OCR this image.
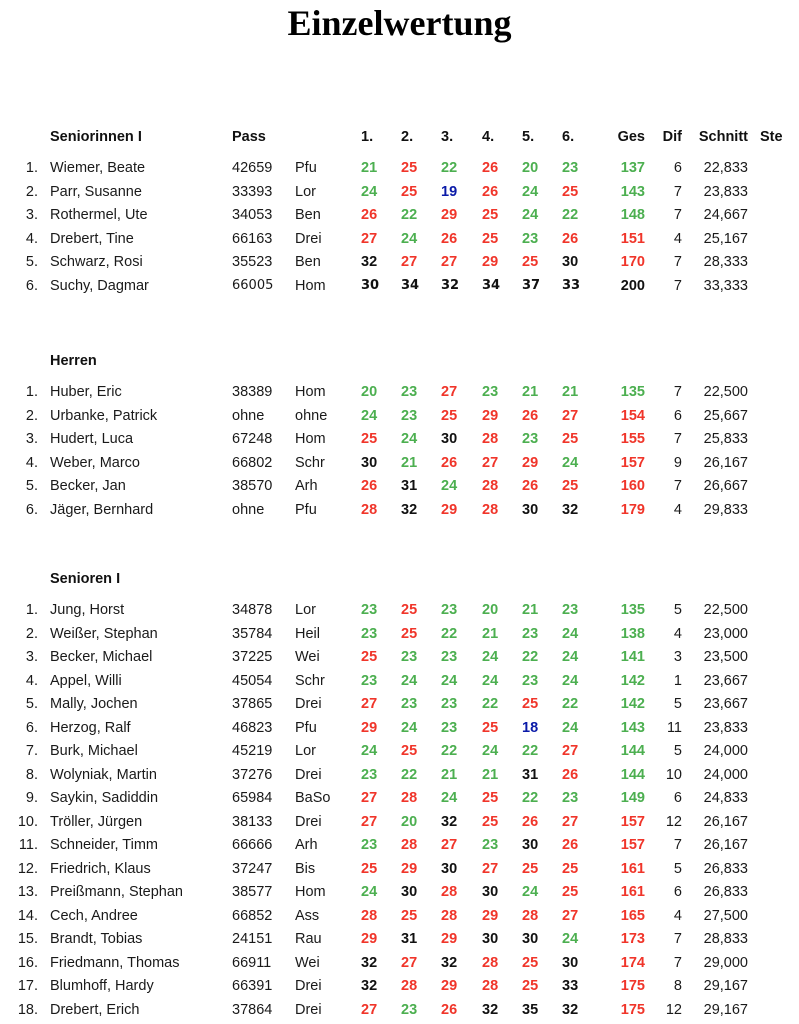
Einzelwertung
Seniorinnen I	Pass	1.	2.	3.	4.	5.	6.	Ges	Dif	Schnitt Ste
1. Wiemer, Beate	42659 Pfu	21	25	22	26	20	23	137	6	22,833
2. Parr, Susanne	33393 Lor	24	25	19	26	24	25	143	7	23,833
3. Rothermel, Ute	34053 Ben	26	22	29	25	24	22	148	7	24,667
4. Drebert, Tine	66163 Drei	27	24	26	25	23	26	151	4	25,167
5. Schwarz, Rosi	35523 Ben	32	27	27	29	25	30	170	7	28,333
6. Suchy, Dagmar	66005 Hom	30	34	32	34	37	33	200	7	33,333
Herren
1. Huber, Eric	38389 Hom 20	23	27	23	21	21	135	7	22,500
2. Urbanke, Patrick	ohne ohne 24	23	25	29	26	27	154	6	25,667
3. Hudert, Luca	67248 Hom 25	24	30	28	23	25	155	7	25,833
4. Weber, Marco	66802 Schr 30	21	26	27	29	24	157	9	26,167
5. Becker, Jan	38570 Arh	26	31	24	28	26	25	160	7	26,667
6. Jäger, Bernhard	ohne Pfu	28	32	29	28	30	32	179	4	29,833
Senioren I
1. Jung, Horst	34878 Lor	23	25	23	20	21	23	135	5	22,500
2. Weißer, Stephan	35784 Heil	23	25	22	21	23	24	138	4	23,000
3. Becker, Michael	37225 Wei	25	23	23	24	22	24	141	3	23,500
4. Appel, Willi	45054 Schr 23	24	24	24	23	24	142	1	23,667
5. Mally, Jochen	37865 Drei	27	23	23	22	25	22	142	5	23,667
6. Herzog, Ralf	46823 Pfu	29	24	23	25	18	24	143	11	23,833
7. Burk, Michael	45219 Lor	24	25	22	24	22	27	144	5	24,000
8. Wolyniak, Martin	37276 Drei	23	22	21	21	31	26	144	10	24,000
9. Saykin, Sadiddin	65984 BaSo 27	28	24	25	22	23	149	6	24,833
10. Tröller, Jürgen	38133 Drei	27	20	32	25	26	27	157	12	26,167
11. Schneider, Timm	66666 Arh	23	28	27	23	30	26	157	7	26,167
12. Friedrich, Klaus	37247 Bis	25	29	30	27	25	25	161	5	26,833
13. Preißmann, Stephan	38577 Hom 24	30	28	30	24	25	161	6	26,833
14. Cech, Andree	66852 Ass	28	25	28	29	28	27	165	4	27,500
15. Brandt, Tobias	24151 Rau	29	31	29	30	30	24	173	7	28,833
16. Friedmann, Thomas	66911 Wei	32	27	32	28	25	30	174	7	29,000
17. Blumhoff, Hardy	66391 Drei	32	28	29	28	25	33	175	8	29,167
18. Drebert, Erich	37864 Drei	27	23	26	32	35	32	175	12	29,167
